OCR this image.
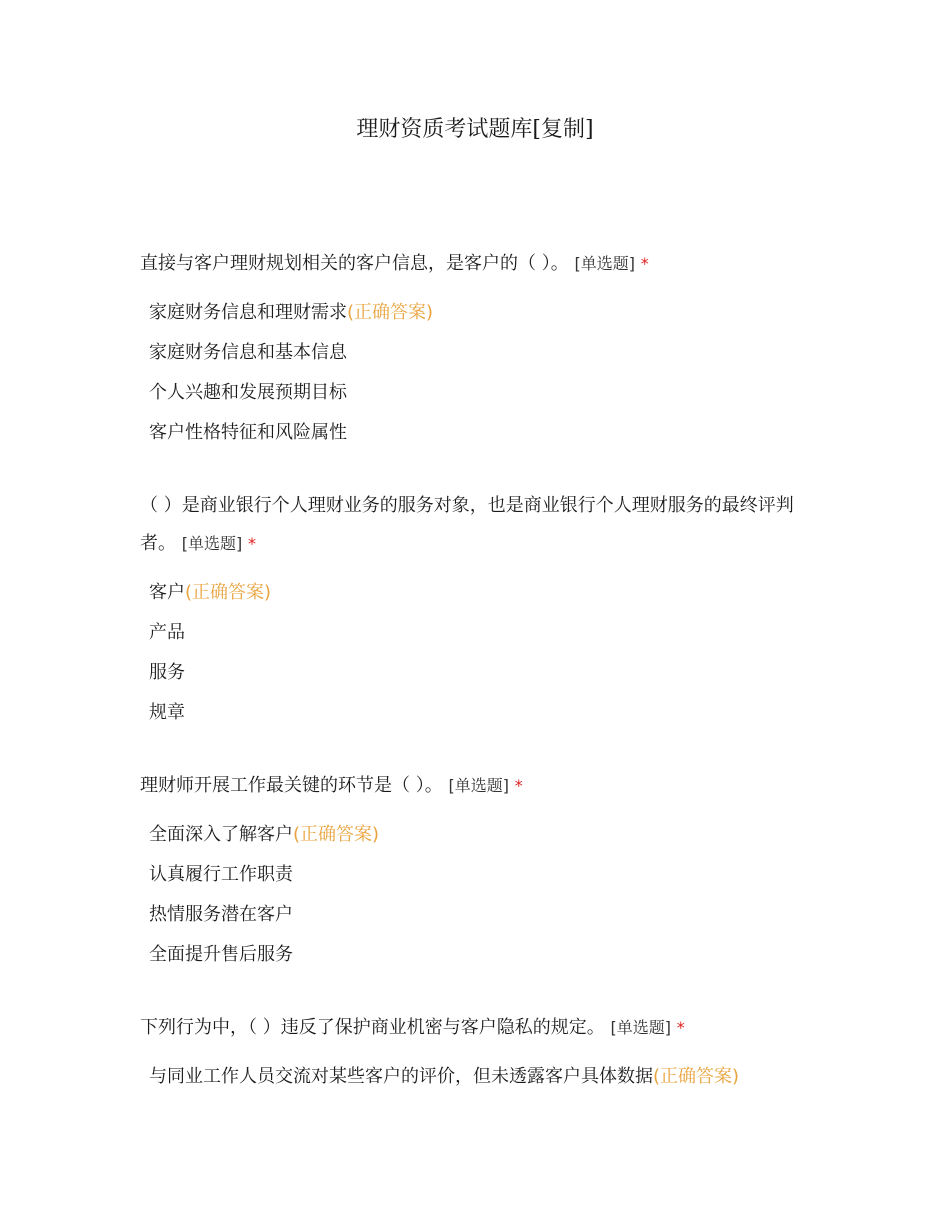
理财资质考试题库[复制]

直接与客户理财规划相关的客户信息，是客户的（ ）。 [单选题] *

家庭财务信息和理财需求(正确答案)
家庭财务信息和基本信息
个人兴趣和发展预期目标
客户性格特征和风险属性

（ ）是商业银行个人理财业务的服务对象，也是商业银行个人理财服务的最终评判者。 [单选题] *

客户(正确答案)
产品
服务
规章

理财师开展工作最关键的环节是（ ）。 [单选题] *

全面深入了解客户(正确答案)
认真履行工作职责
热情服务潜在客户
全面提升售后服务

下列行为中，（ ）违反了保护商业机密与客户隐私的规定。 [单选题] *

与同业工作人员交流对某些客户的评价，但未透露客户具体数据(正确答案)
